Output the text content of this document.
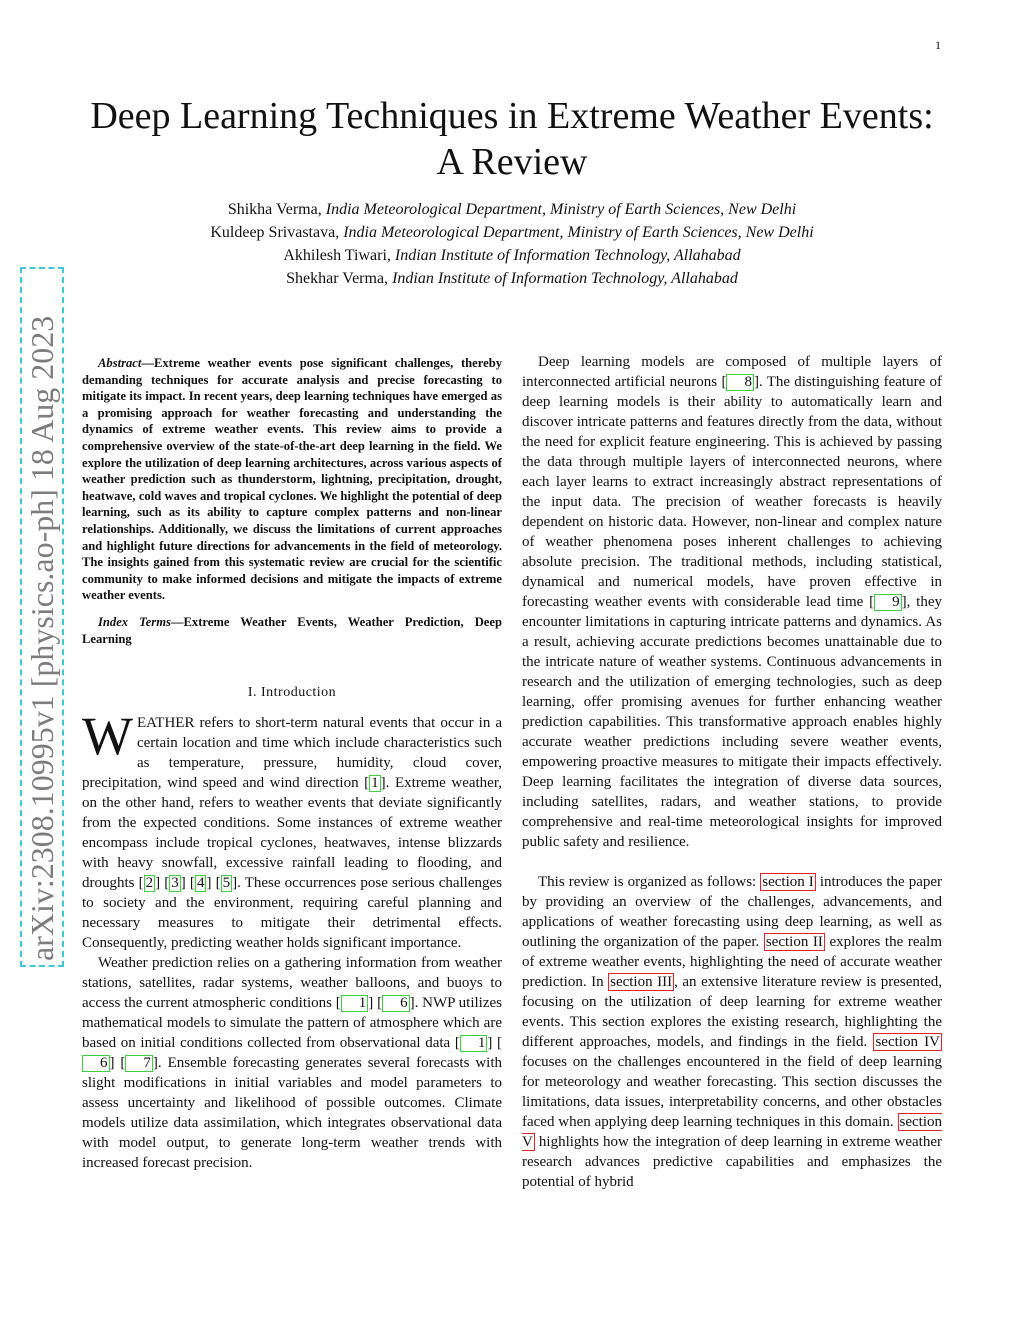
1
arXiv:2308.10995v1 [physics.ao-ph] 18 Aug 2023
Deep Learning Techniques in Extreme Weather Events: A Review
Shikha Verma, India Meteorological Department, Ministry of Earth Sciences, New Delhi
Kuldeep Srivastava, India Meteorological Department, Ministry of Earth Sciences, New Delhi
Akhilesh Tiwari, Indian Institute of Information Technology, Allahabad
Shekhar Verma, Indian Institute of Information Technology, Allahabad

Abstract—Extreme weather events pose significant challenges, thereby demanding techniques for accurate analysis and precise forecasting to mitigate its impact. In recent years, deep learning techniques have emerged as a promising approach for weather forecasting and understanding the dynamics of extreme weather events. This review aims to provide a comprehensive overview of the state-of-the-art deep learning in the field. We explore the utilization of deep learning architectures, across various aspects of weather prediction such as thunderstorm, lightning, precipitation, drought, heatwave, cold waves and tropical cyclones. We highlight the potential of deep learning, such as its ability to capture complex patterns and non-linear relationships. Additionally, we discuss the limitations of current approaches and highlight future directions for advancements in the field of meteorology. The insights gained from this systematic review are crucial for the scientific community to make informed decisions and mitigate the impacts of extreme weather events.

Index Terms—Extreme Weather Events, Weather Prediction, Deep Learning

I. Introduction

WEATHER refers to short-term natural events that occur in a certain location and time which include characteristics such as temperature, pressure, humidity, cloud cover, precipitation, wind speed and wind direction [ 1 ]. Extreme weather, on the other hand, refers to weather events that deviate significantly from the expected conditions. Some instances of extreme weather encompass include tropical cyclones, heatwaves, intense blizzards with heavy snowfall, excessive rainfall leading to flooding, and droughts [ 2 ] [ 3 ] [ 4 ] [ 5 ]. These occurrences pose serious challenges to society and the environment, requiring careful planning and necessary measures to mitigate their detrimental effects. Consequently, predicting weather holds significant importance.

Weather prediction relies on a gathering information from weather stations, satellites, radar systems, weather balloons, and buoys to access the current atmospheric conditions [ 1 ] [ 6 ]. NWP utilizes mathematical models to simulate the pattern of atmosphere which are based on initial conditions collected from observational data [ 1 ] [6 ] [ 7 ]. Ensemble forecasting generates several forecasts with slight modifications in initial variables and model parameters to assess uncertainty and likelihood of possible outcomes. Climate models utilize data assimilation, which integrates observational data with model output, to generate long-term weather trends with increased forecast precision.

Deep learning models are composed of multiple layers of interconnected artificial neurons [ 8 ]. The distinguishing feature of deep learning models is their ability to automatically learn and discover intricate patterns and features directly from the data, without the need for explicit feature engineering. This is achieved by passing the data through multiple layers of interconnected neurons, where each layer learns to extract increasingly abstract representations of the input data. The precision of weather forecasts is heavily dependent on historic data. However, non-linear and complex nature of weather phenomena poses inherent challenges to achieving absolute precision. The traditional methods, including statistical, dynamical and numerical models, have proven effective in forecasting weather events with considerable lead time [ 9 ], they encounter limitations in capturing intricate patterns and dynamics. As a result, achieving accurate predictions becomes unattainable due to the intricate nature of weather systems. Continuous advancements in research and the utilization of emerging technologies, such as deep learning, offer promising avenues for further enhancing weather prediction capabilities. This transformative approach enables highly accurate weather predictions including severe weather events, empowering proactive measures to mitigate their impacts effectively. Deep learning facilitates the integration of diverse data sources, including satellites, radars, and weather stations, to provide comprehensive and real-time meteorological insights for improved public safety and resilience.

This review is organized as follows: section I introduces the paper by providing an overview of the challenges, advancements, and applications of weather forecasting using deep learning, as well as outlining the organization of the paper. section II explores the realm of extreme weather events, highlighting the need of accurate weather prediction. In section III , an extensive literature review is presented, focusing on the utilization of deep learning for extreme weather events. This section explores the existing research, highlighting the different approaches, models, and findings in the field. section IV focuses on the challenges encountered in the field of deep learning for meteorology and weather forecasting. This section discusses the limitations, data issues, interpretability concerns, and other obstacles faced when applying deep learning techniques in this domain. section V highlights how the integration of deep learning in extreme weather research advances predictive capabilities and emphasizes the potential of hybrid
